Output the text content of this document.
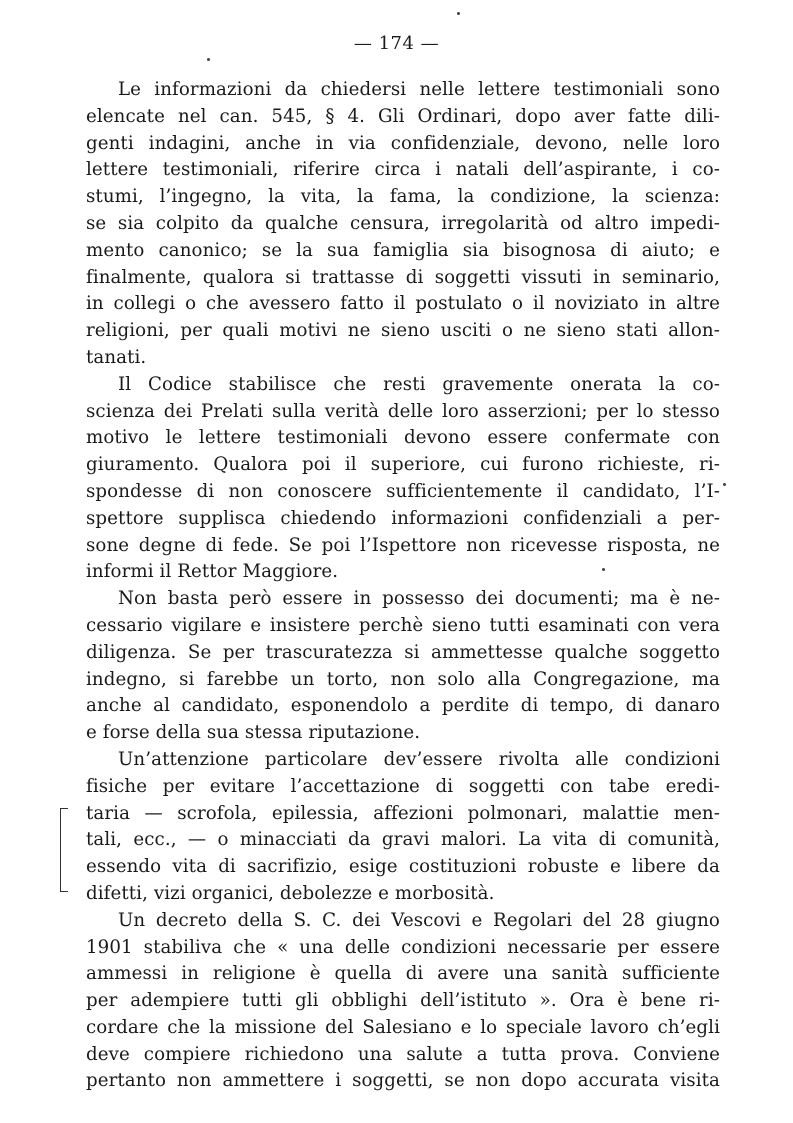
— 174 —
Le informazioni da chiedersi nelle lettere testimoniali sono
elencate nel can. 545, § 4. Gli Ordinari, dopo aver fatte dili-
genti indagini, anche in via confidenziale, devono, nelle loro
lettere testimoniali, riferire circa i natali dell’aspirante, i co-
stumi, l’ingegno, la vita, la fama, la condizione, la scienza:
se sia colpito da qualche censura, irregolarità od altro impedi-
mento canonico; se la sua famiglia sia bisognosa di aiuto; e
finalmente, qualora si trattasse di soggetti vissuti in seminario,
in collegi o che avessero fatto il postulato o il noviziato in altre
religioni, per quali motivi ne sieno usciti o ne sieno stati allon-
tanati.
Il Codice stabilisce che resti gravemente onerata la co-
scienza dei Prelati sulla verità delle loro asserzioni; per lo stesso
motivo le lettere testimoniali devono essere confermate con
giuramento. Qualora poi il superiore, cui furono richieste, ri-
spondesse di non conoscere sufficientemente il candidato, l’I-
spettore supplisca chiedendo informazioni confidenziali a per-
sone degne di fede. Se poi l’Ispettore non ricevesse risposta, ne
informi il Rettor Maggiore.
Non basta però essere in possesso dei documenti; ma è ne-
cessario vigilare e insistere perchè sieno tutti esaminati con vera
diligenza. Se per trascuratezza si ammettesse qualche soggetto
indegno, si farebbe un torto, non solo alla Congregazione, ma
anche al candidato, esponendolo a perdite di tempo, di danaro
e forse della sua stessa riputazione.
Un’attenzione particolare dev’essere rivolta alle condizioni
fisiche per evitare l’accettazione di soggetti con tabe eredi-
taria — scrofola, epilessia, affezioni polmonari, malattie men-
tali, ecc., — o minacciati da gravi malori. La vita di comunità,
essendo vita di sacrifizio, esige costituzioni robuste e libere da
difetti, vizi organici, debolezze e morbosità.
Un decreto della S. C. dei Vescovi e Regolari del 28 giugno
1901 stabiliva che « una delle condizioni necessarie per essere
ammessi in religione è quella di avere una sanità sufficiente
per adempiere tutti gli obblighi dell’istituto ». Ora è bene ri-
cordare che la missione del Salesiano e lo speciale lavoro ch’egli
deve compiere richiedono una salute a tutta prova. Conviene
pertanto non ammettere i soggetti, se non dopo accurata visita
